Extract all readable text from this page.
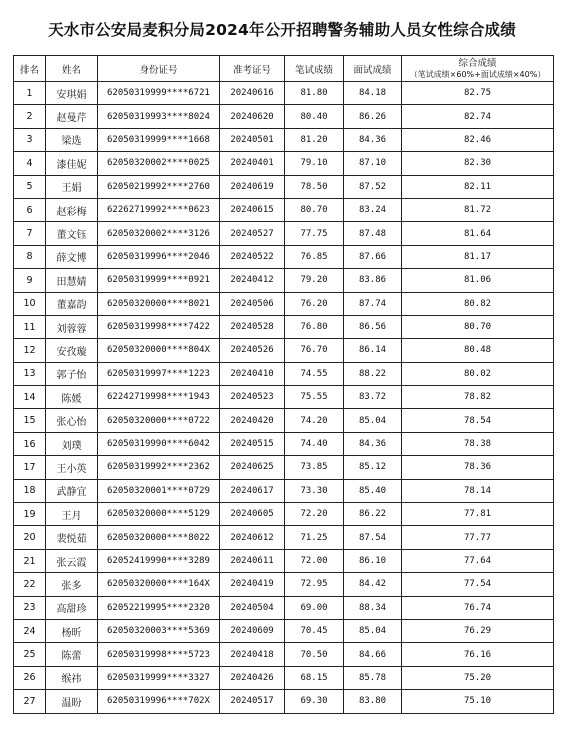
天水市公安局麦积分局2024年公开招聘警务辅助人员女性综合成绩
排名	姓名	身份证号	准考证号	笔试成绩	面试成绩	综合成绩
（笔试成绩×60%+面试成绩×40%）

1	安琪娟	62050319999****6721	20240616	81.80	84.18	82.75
2	赵曼芹	62050319993****8024	20240620	80.40	86.26	82.74
3	梁选	62050319999****1668	20240501	81.20	84.36	82.46
4	漆佳妮	62050320002****0025	20240401	79.10	87.10	82.30
5	王娟	62050219992****2760	20240619	78.50	87.52	82.11
6	赵彩梅	62262719992****0623	20240615	80.70	83.24	81.72
7	董文钰	62050320002****3126	20240527	77.75	87.48	81.64
8	薛文博	62050319996****2046	20240522	76.85	87.66	81.17
9	田慧婧	62050319999****0921	20240412	79.20	83.86	81.06
10	董嘉韵	62050320000****8021	20240506	76.20	87.74	80.82
11	刘蓉蓉	62050319998****7422	20240528	76.80	86.56	80.70
12	安孜璇	62050320000****804X	20240526	76.70	86.14	80.48
13	郭子怡	62050319997****1223	20240410	74.55	88.22	80.02
14	陈媛	62242719998****1943	20240523	75.55	83.72	78.82
15	张心怡	62050320000****0722	20240420	74.20	85.04	78.54
16	刘璞	62050319990****6042	20240515	74.40	84.36	78.38
17	王小英	62050319992****2362	20240625	73.85	85.12	78.36
18	武静宜	62050320001****0729	20240617	73.30	85.40	78.14
19	王月	62050320000****5129	20240605	72.20	86.22	77.81
20	裴悦茹	62050320000****8022	20240612	71.25	87.54	77.77
21	张云霞	62052419990****3289	20240611	72.00	86.10	77.64
22	张多	62050320000****164X	20240419	72.95	84.42	77.54
23	高甜珍	62052219995****2320	20240504	69.00	88.34	76.74
24	杨昕	62050320003****5369	20240609	70.45	85.04	76.29
25	陈蕾	62050319998****5723	20240418	70.50	84.66	76.16
26	缑祎	62050319999****3327	20240426	68.15	85.78	75.20
27	温盼	62050319996****702X	20240517	69.30	83.80	75.10
